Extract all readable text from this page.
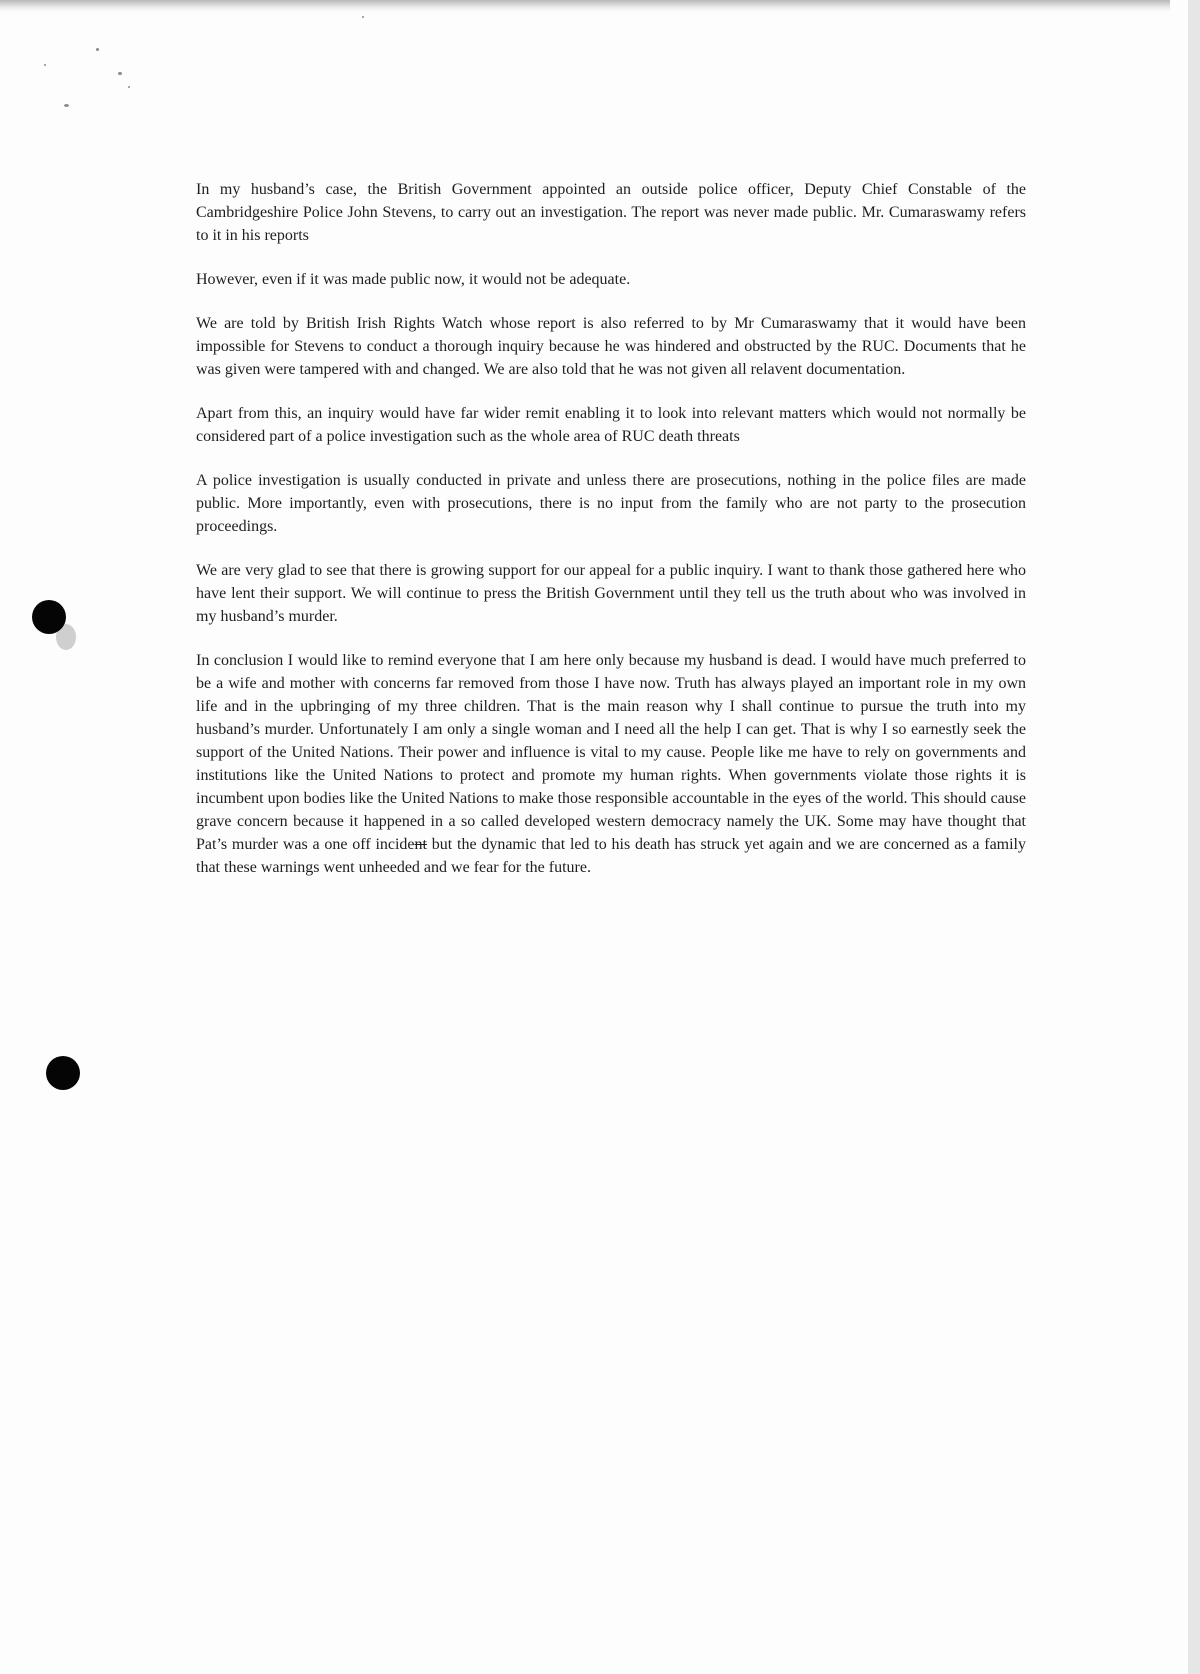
In my husband’s case, the British Government appointed an outside police officer, Deputy Chief Constable of the Cambridgeshire Police John Stevens, to carry out an investigation. The report was never made public. Mr. Cumaraswamy refers to it in his reports

However, even if it was made public now, it would not be adequate.

We are told by British Irish Rights Watch whose report is also referred to by Mr Cumaraswamy that it would have been impossible for Stevens to conduct a thorough inquiry because he was hindered and obstructed by the RUC. Documents that he was given were tampered with and changed. We are also told that he was not given all relavent documentation.

Apart from this, an inquiry would have far wider remit enabling it to look into relevant matters which would not normally be considered part of a police investigation such as the whole area of RUC death threats

A police investigation is usually conducted in private and unless there are prosecutions, nothing in the police files are made public. More importantly, even with prosecutions, there is no input from the family who are not party to the prosecution proceedings.

We are very glad to see that there is growing support for our appeal for a public inquiry. I want to thank those gathered here who have lent their support. We will continue to press the British Government until they tell us the truth about who was involved in my husband’s murder.

In conclusion I would like to remind everyone that I am here only because my husband is dead. I would have much preferred to be a wife and mother with concerns far removed from those I have now. Truth has always played an important role in my own life and in the upbringing of my three children. That is the main reason why I shall continue to pursue the truth into my husband’s murder. Unfortunately I am only a single woman and I need all the help I can get. That is why I so earnestly seek the support of the United Nations. Their power and influence is vital to my cause. People like me have to rely on governments and institutions like the United Nations to protect and promote my human rights. When governments violate those rights it is incumbent upon bodies like the United Nations to make those responsible accountable in the eyes of the world. This should cause grave concern because it happened in a so called developed western democracy namely the UK. Some may have thought that Pat’s murder was a one off incident but the dynamic that led to his death has struck yet again and we are concerned as a family that these warnings went unheeded and we fear for the future.
